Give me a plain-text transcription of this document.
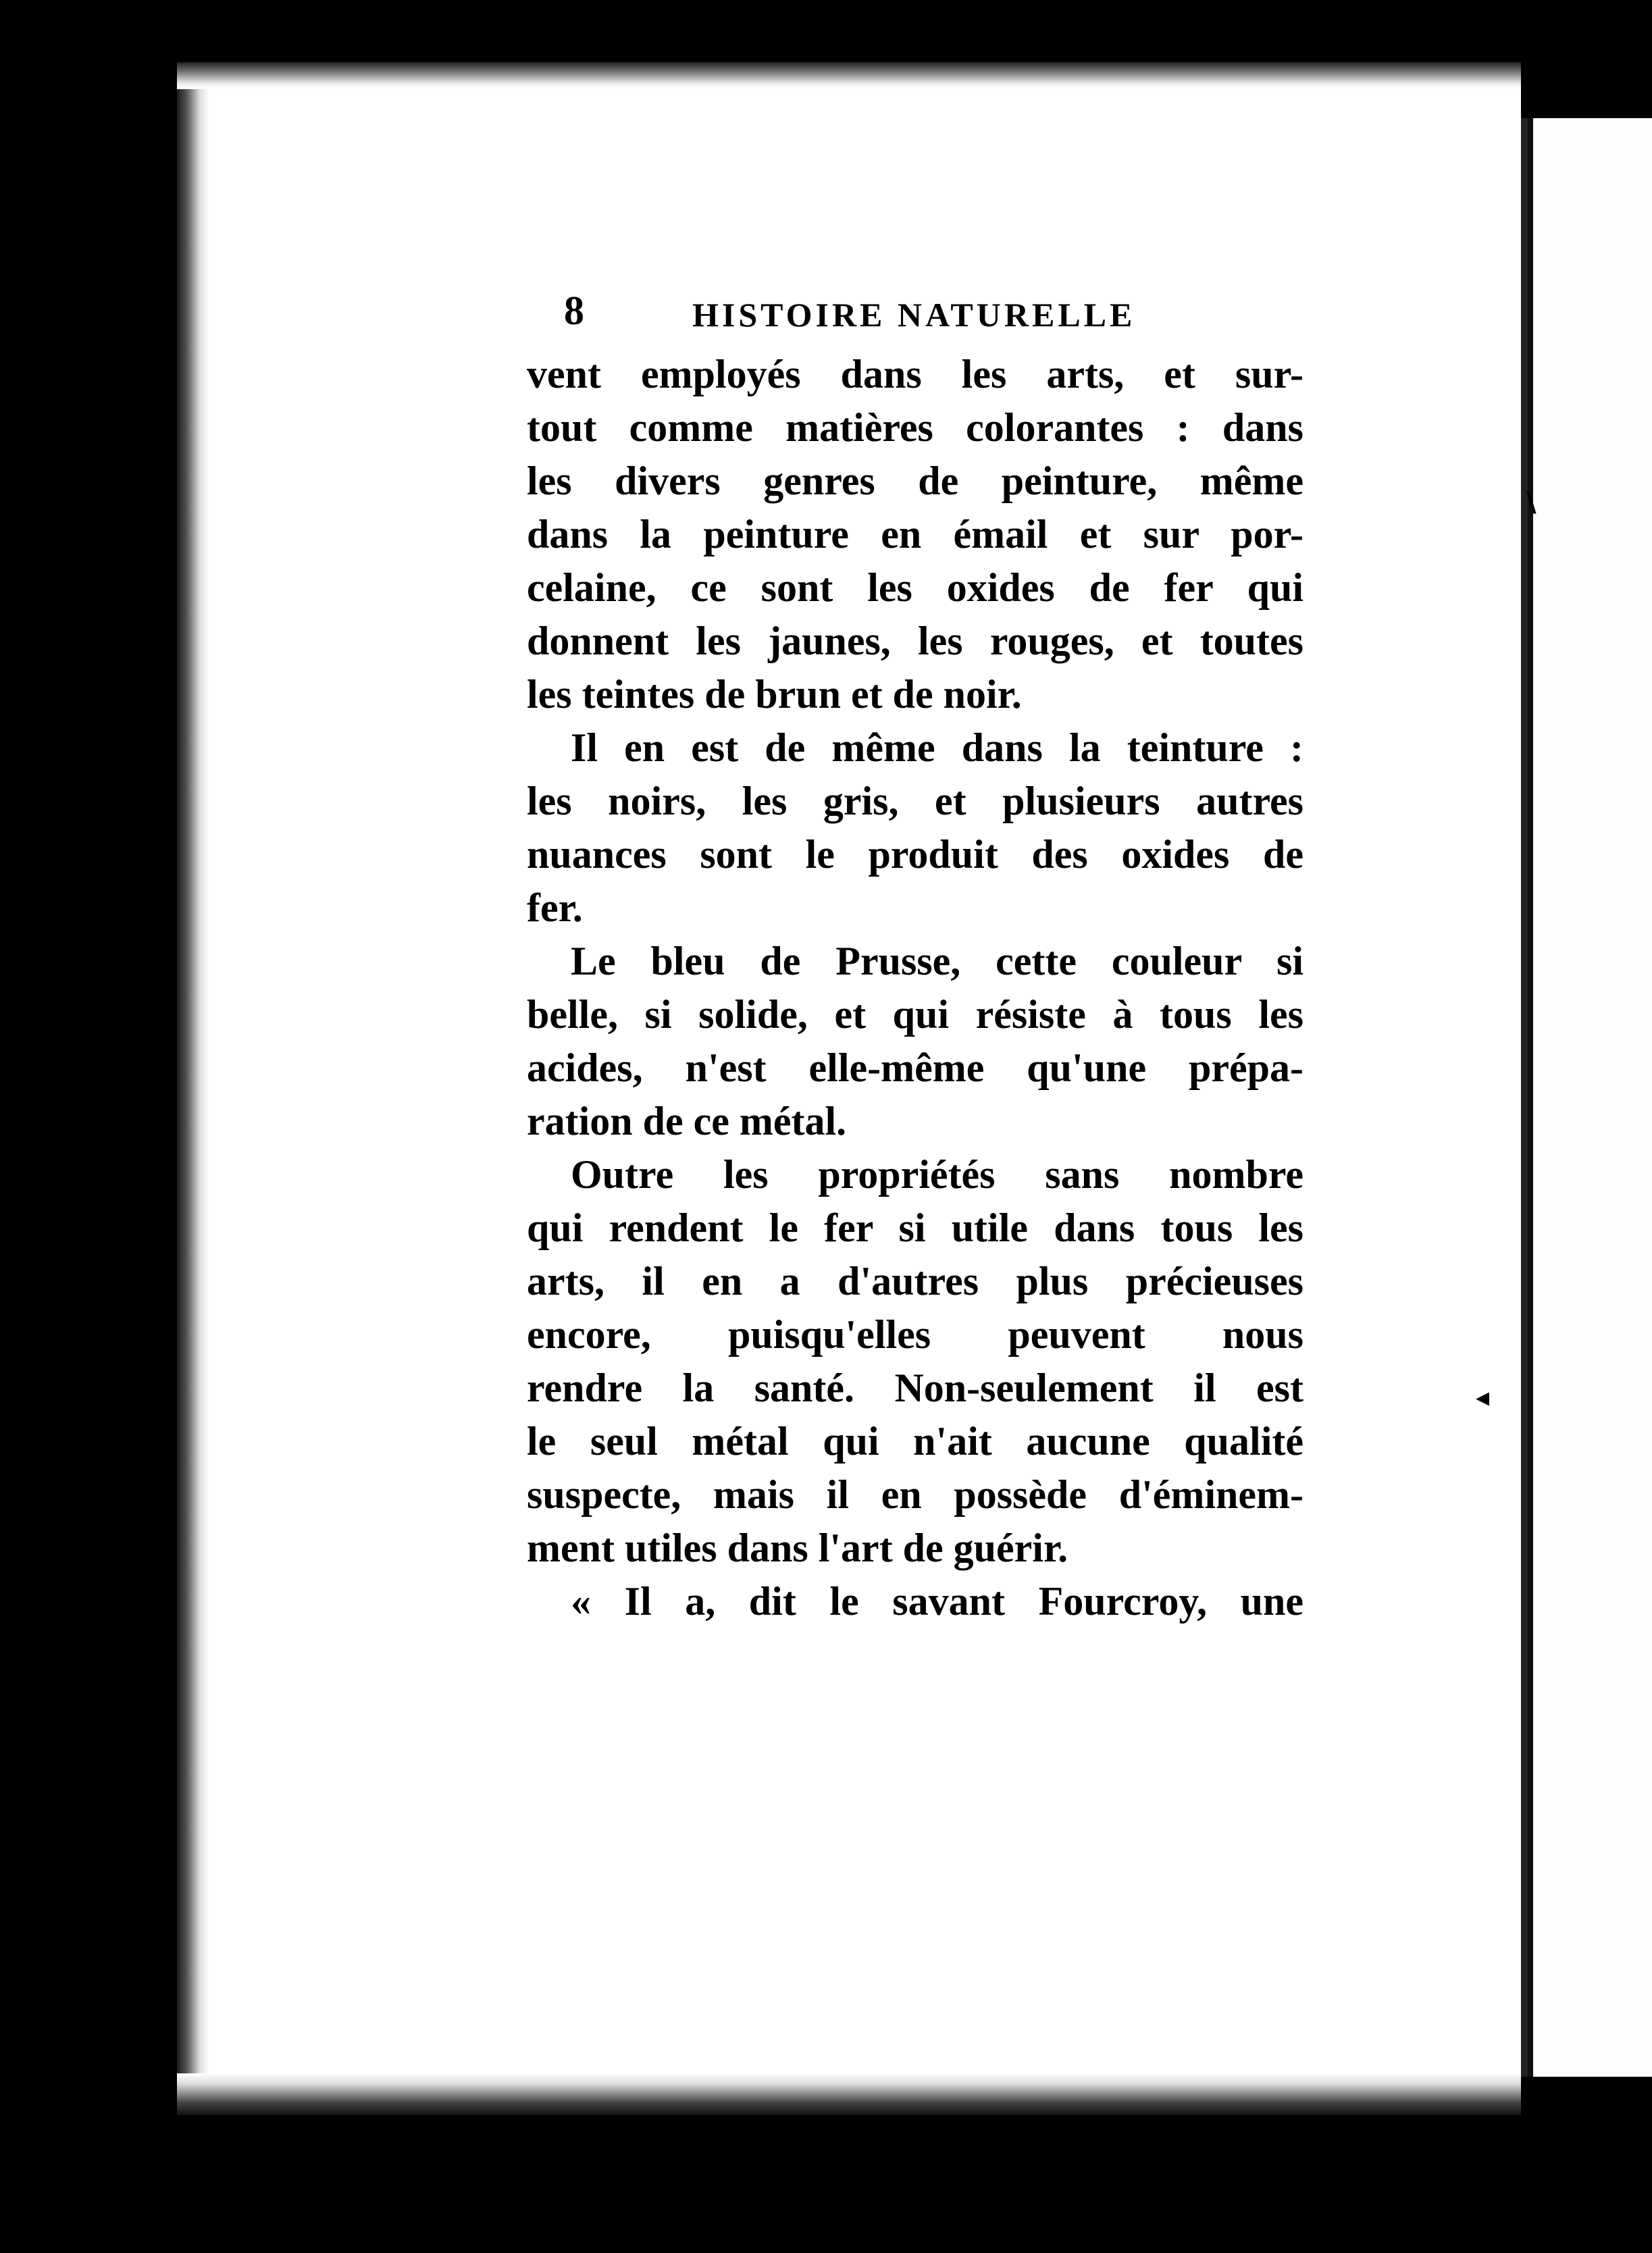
\
◂
8	HISTOIRE NATURELLE
vent employés dans les arts, et sur-
tout comme matières colorantes : dans
les divers genres de peinture, même
dans la peinture en émail et sur por-
celaine, ce sont les oxides de fer qui
donnent les jaunes, les rouges, et toutes
les teintes de brun et de noir.
Il en est de même dans la teinture :
les noirs, les gris, et plusieurs autres
nuances sont le produit des oxides de
fer.
Le bleu de Prusse, cette couleur si
belle, si solide, et qui résiste à tous les
acides, n'est elle-même qu'une prépa-
ration de ce métal.
Outre les propriétés sans nombre
qui rendent le fer si utile dans tous les
arts, il en a d'autres plus précieuses
encore, puisqu'elles peuvent nous
rendre la santé. Non-seulement il est
le seul métal qui n'ait aucune qualité
suspecte, mais il en possède d'éminem-
ment utiles dans l'art de guérir.
« Il a, dit le savant Fourcroy, une
